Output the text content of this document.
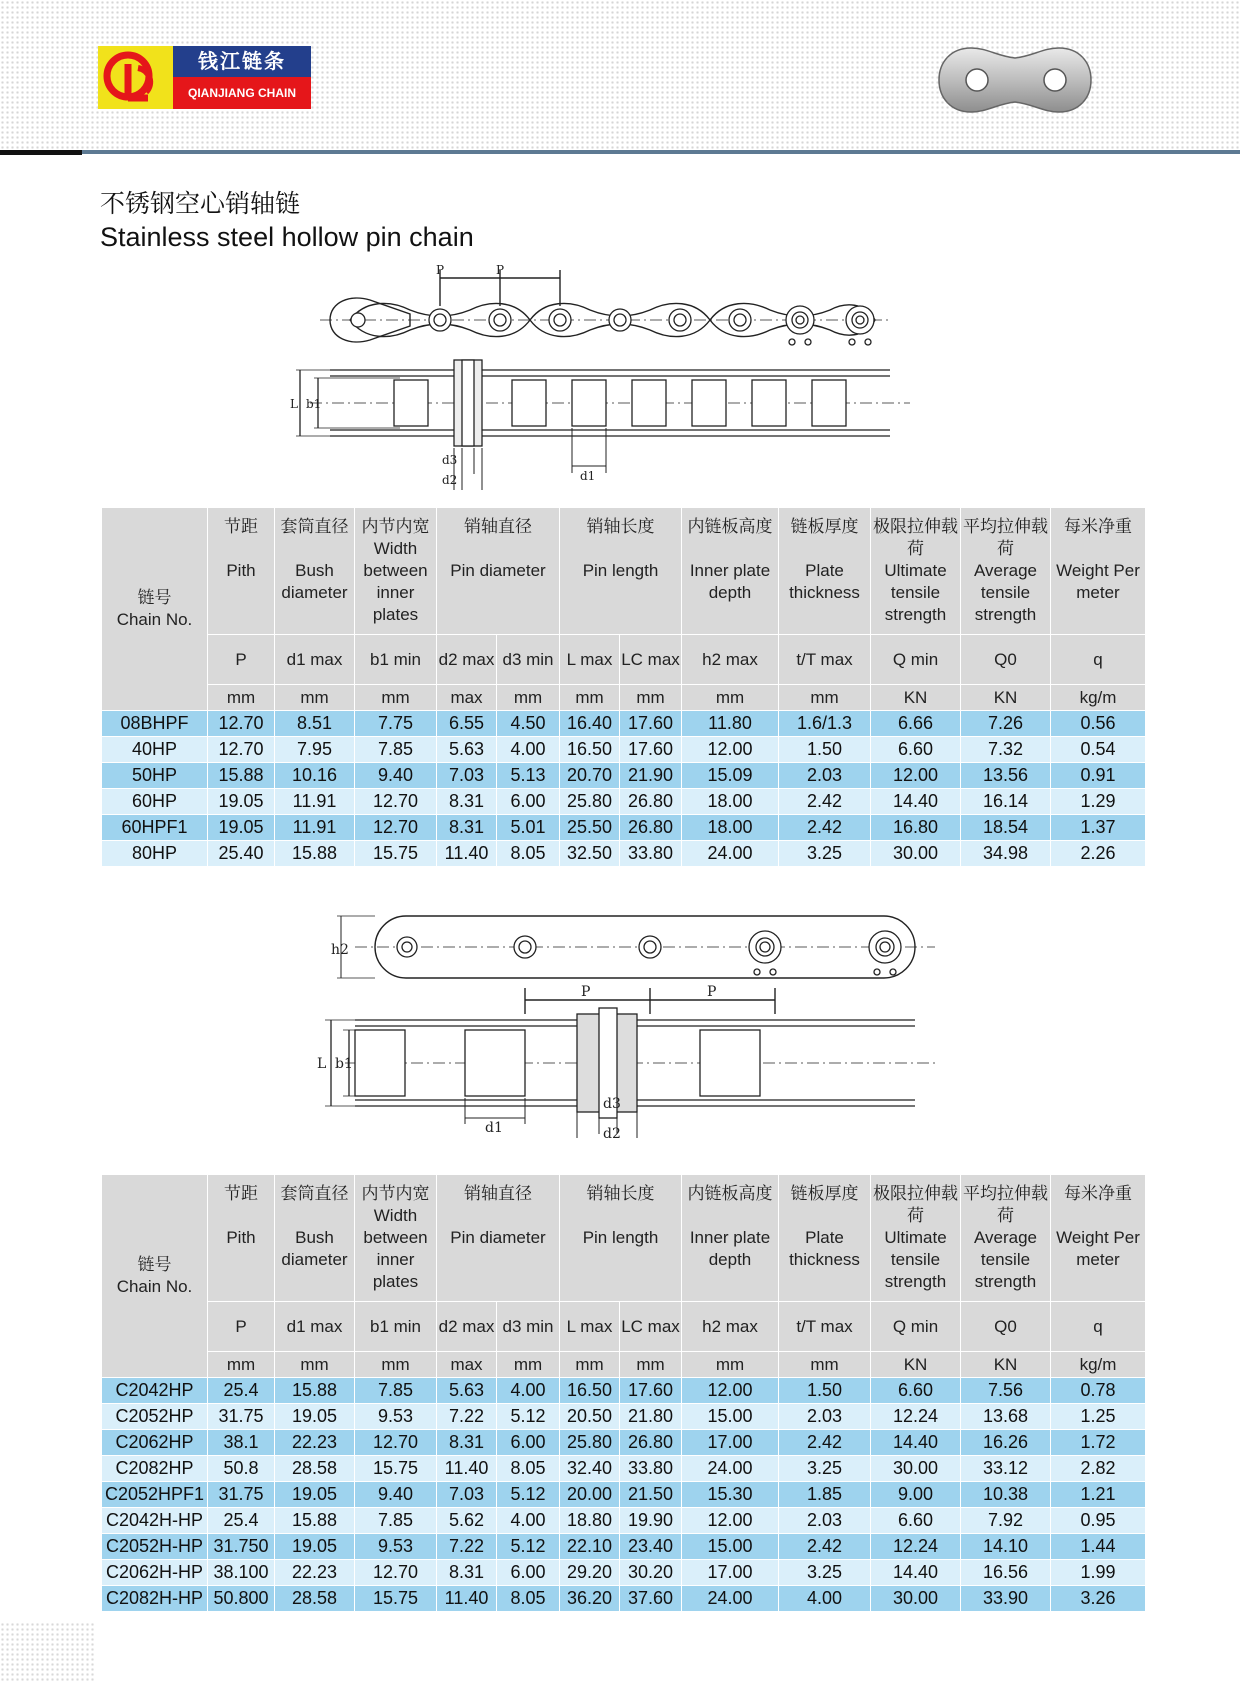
钱江链条
QIANJIANG CHAIN
不锈钢空心销轴链
Stainless steel hollow pin chain
P	P
L b1
d3
d2	d1
链号
Chain No.	节距

Pith	套筒直径

Bush diameter	内节内宽
Width between inner plates	销轴直径

Pin diameter		销轴长度

Pin length		内链板高度

Inner plate depth	链板厚度

Plate thickness	极限拉伸载荷
Ultimate tensile strength	平均拉伸载荷
Average tensile strength	每米净重

Weight Per meter

	P	d1 max	b1 min	d2 max	d3 min	L max	LC max	h2 max	t/T max	Q min	Q0	q
	mm	mm	mm	max	mm	mm	mm	mm	mm	KN	KN	kg/m
08BHPF	12.70	8.51	7.75	6.55	4.50	16.40	17.60	11.80	1.6/1.3	6.66	7.26	0.56
40HP	12.70	7.95	7.85	5.63	4.00	16.50	17.60	12.00	1.50	6.60	7.32	0.54
50HP	15.88	10.16	9.40	7.03	5.13	20.70	21.90	15.09	2.03	12.00	13.56	0.91
60HP	19.05	11.91	12.70	8.31	6.00	25.80	26.80	18.00	2.42	14.40	16.14	1.29
60HPF1	19.05	11.91	12.70	8.31	5.01	25.50	26.80	18.00	2.42	16.80	18.54	1.37
80HP	25.40	15.88	15.75	11.40	8.05	32.50	33.80	24.00	3.25	30.00	34.98	2.26
h2
P	P
L b1
d1
d3
d2
链号
Chain No.	节距

Pith	套筒直径

Bush diameter	内节内宽
Width between inner plates	销轴直径

Pin diameter		销轴长度

Pin length		内链板高度

Inner plate depth	链板厚度

Plate thickness	极限拉伸载荷
Ultimate tensile strength	平均拉伸载荷
Average tensile strength	每米净重

Weight Per meter

	P	d1 max	b1 min	d2 max	d3 min	L max	LC max	h2 max	t/T max	Q min	Q0	q
	mm	mm	mm	max	mm	mm	mm	mm	mm	KN	KN	kg/m
C2042HP	25.4	15.88	7.85	5.63	4.00	16.50	17.60	12.00	1.50	6.60	7.56	0.78
C2052HP	31.75	19.05	9.53	7.22	5.12	20.50	21.80	15.00	2.03	12.24	13.68	1.25
C2062HP	38.1	22.23	12.70	8.31	6.00	25.80	26.80	17.00	2.42	14.40	16.26	1.72
C2082HP	50.8	28.58	15.75	11.40	8.05	32.40	33.80	24.00	3.25	30.00	33.12	2.82
C2052HPF1	31.75	19.05	9.40	7.03	5.12	20.00	21.50	15.30	1.85	9.00	10.38	1.21
C2042H-HP	25.4	15.88	7.85	5.62	4.00	18.80	19.90	12.00	2.03	6.60	7.92	0.95
C2052H-HP	31.750	19.05	9.53	7.22	5.12	22.10	23.40	15.00	2.42	12.24	14.10	1.44
C2062H-HP	38.100	22.23	12.70	8.31	6.00	29.20	30.20	17.00	3.25	14.40	16.56	1.99
C2082H-HP	50.800	28.58	15.75	11.40	8.05	36.20	37.60	24.00	4.00	30.00	33.90	3.26
